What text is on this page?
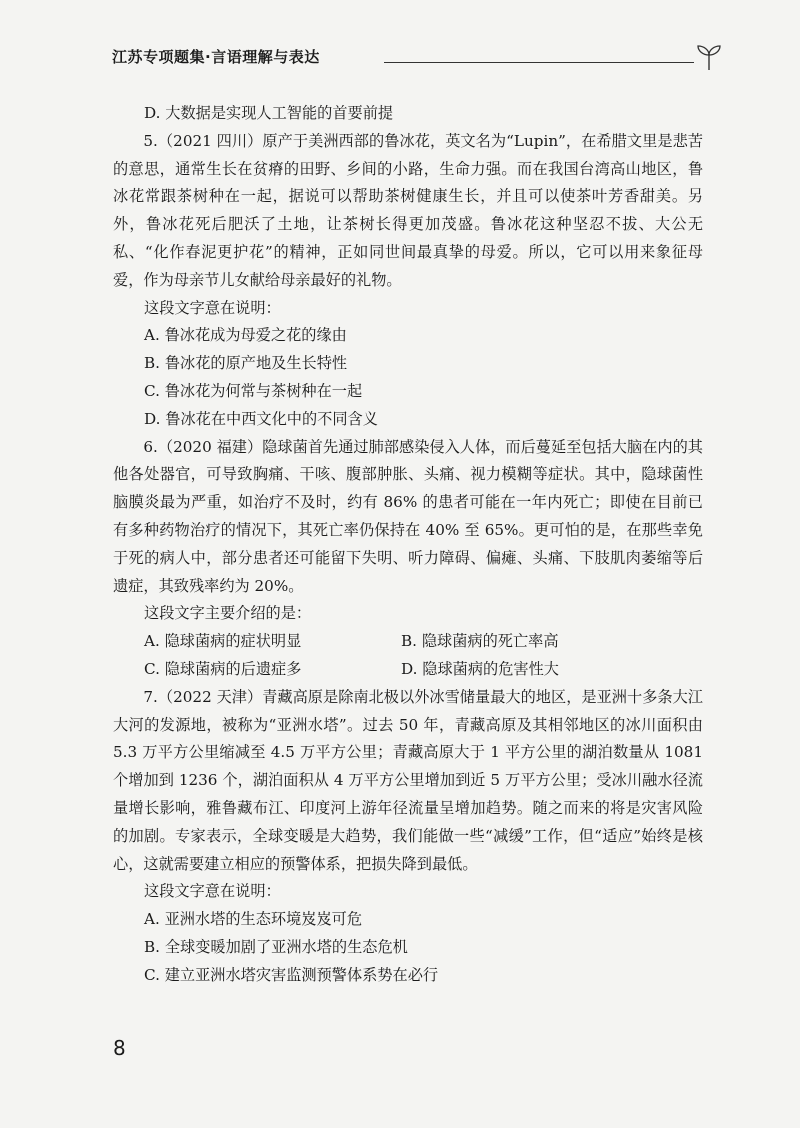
江苏专项题集·言语理解与表达

D. 大数据是实现人工智能的首要前提

5.（2021 四川）原产于美洲西部的鲁冰花，英文名为“Lupin”，在希腊文里是悲苦的意思，通常生长在贫瘠的田野、乡间的小路，生命力强。而在我国台湾高山地区，鲁冰花常跟茶树种在一起，据说可以帮助茶树健康生长，并且可以使茶叶芳香甜美。另外，鲁冰花死后肥沃了土地，让茶树长得更加茂盛。鲁冰花这种坚忍不拔、大公无私、“化作春泥更护花”的精神，正如同世间最真挚的母爱。所以，它可以用来象征母爱，作为母亲节儿女献给母亲最好的礼物。

这段文字意在说明：

A. 鲁冰花成为母爱之花的缘由

B. 鲁冰花的原产地及生长特性

C. 鲁冰花为何常与茶树种在一起

D. 鲁冰花在中西文化中的不同含义

6.（2020 福建）隐球菌首先通过肺部感染侵入人体，而后蔓延至包括大脑在内的其他各处器官，可导致胸痛、干咳、腹部肿胀、头痛、视力模糊等症状。其中，隐球菌性脑膜炎最为严重，如治疗不及时，约有 86% 的患者可能在一年内死亡；即使在目前已有多种药物治疗的情况下，其死亡率仍保持在 40% 至 65%。更可怕的是，在那些幸免于死的病人中，部分患者还可能留下失明、听力障碍、偏瘫、头痛、下肢肌肉萎缩等后遗症，其致残率约为 20%。

这段文字主要介绍的是：

A. 隐球菌病的症状明显	B. 隐球菌病的死亡率高
C. 隐球菌病的后遗症多	D. 隐球菌病的危害性大

7.（2022 天津）青藏高原是除南北极以外冰雪储量最大的地区，是亚洲十多条大江大河的发源地，被称为“亚洲水塔”。过去 50 年，青藏高原及其相邻地区的冰川面积由 5.3 万平方公里缩减至 4.5 万平方公里；青藏高原大于 1 平方公里的湖泊数量从 1081 个增加到 1236 个，湖泊面积从 4 万平方公里增加到近 5 万平方公里；受冰川融水径流量增长影响，雅鲁藏布江、印度河上游年径流量呈增加趋势。随之而来的将是灾害风险的加剧。专家表示，全球变暖是大趋势，我们能做一些“减缓”工作，但“适应”始终是核心，这就需要建立相应的预警体系，把损失降到最低。

这段文字意在说明：

A. 亚洲水塔的生态环境岌岌可危

B. 全球变暖加剧了亚洲水塔的生态危机

C. 建立亚洲水塔灾害监测预警体系势在必行

8
